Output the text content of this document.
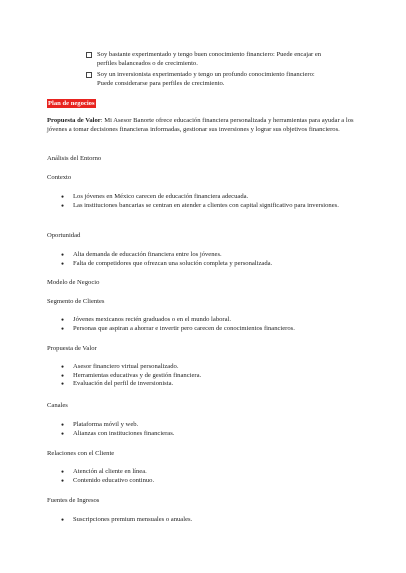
Soy bastante experimentado y tengo buen conocimiento financiero: Puede encajar en
perfiles balanceados o de crecimiento.
Soy un inversionista experimentado y tengo un profundo conocimiento financiero:
Puede considerarse para perfiles de crecimiento.
Plan de negocios
Propuesta de Valor: Mi Asesor Banorte ofrece educación financiera personalizada y herramientas para ayudar a los jóvenes a tomar decisiones financieras informadas, gestionar sus inversiones y lograr sus objetivos financieros.
Análisis del Entorno
Contexto
● Los jóvenes en México carecen de educación financiera adecuada.
● Las instituciones bancarias se centran en atender a clientes con capital significativo para inversiones.
Oportunidad
● Alta demanda de educación financiera entre los jóvenes.
● Falta de competidores que ofrezcan una solución completa y personalizada.
Modelo de Negocio
Segmento de Clientes
● Jóvenes mexicanos recién graduados o en el mundo laboral.
● Personas que aspiran a ahorrar e invertir pero carecen de conocimientos financieros.
Propuesta de Valor
● Asesor financiero virtual personalizado.
● Herramientas educativas y de gestión financiera.
● Evaluación del perfil de inversionista.
Canales
● Plataforma móvil y web.
● Alianzas con instituciones financieras.
Relaciones con el Cliente
● Atención al cliente en línea.
● Contenido educativo continuo.
Fuentes de Ingresos
● Suscripciones premium mensuales o anuales.
